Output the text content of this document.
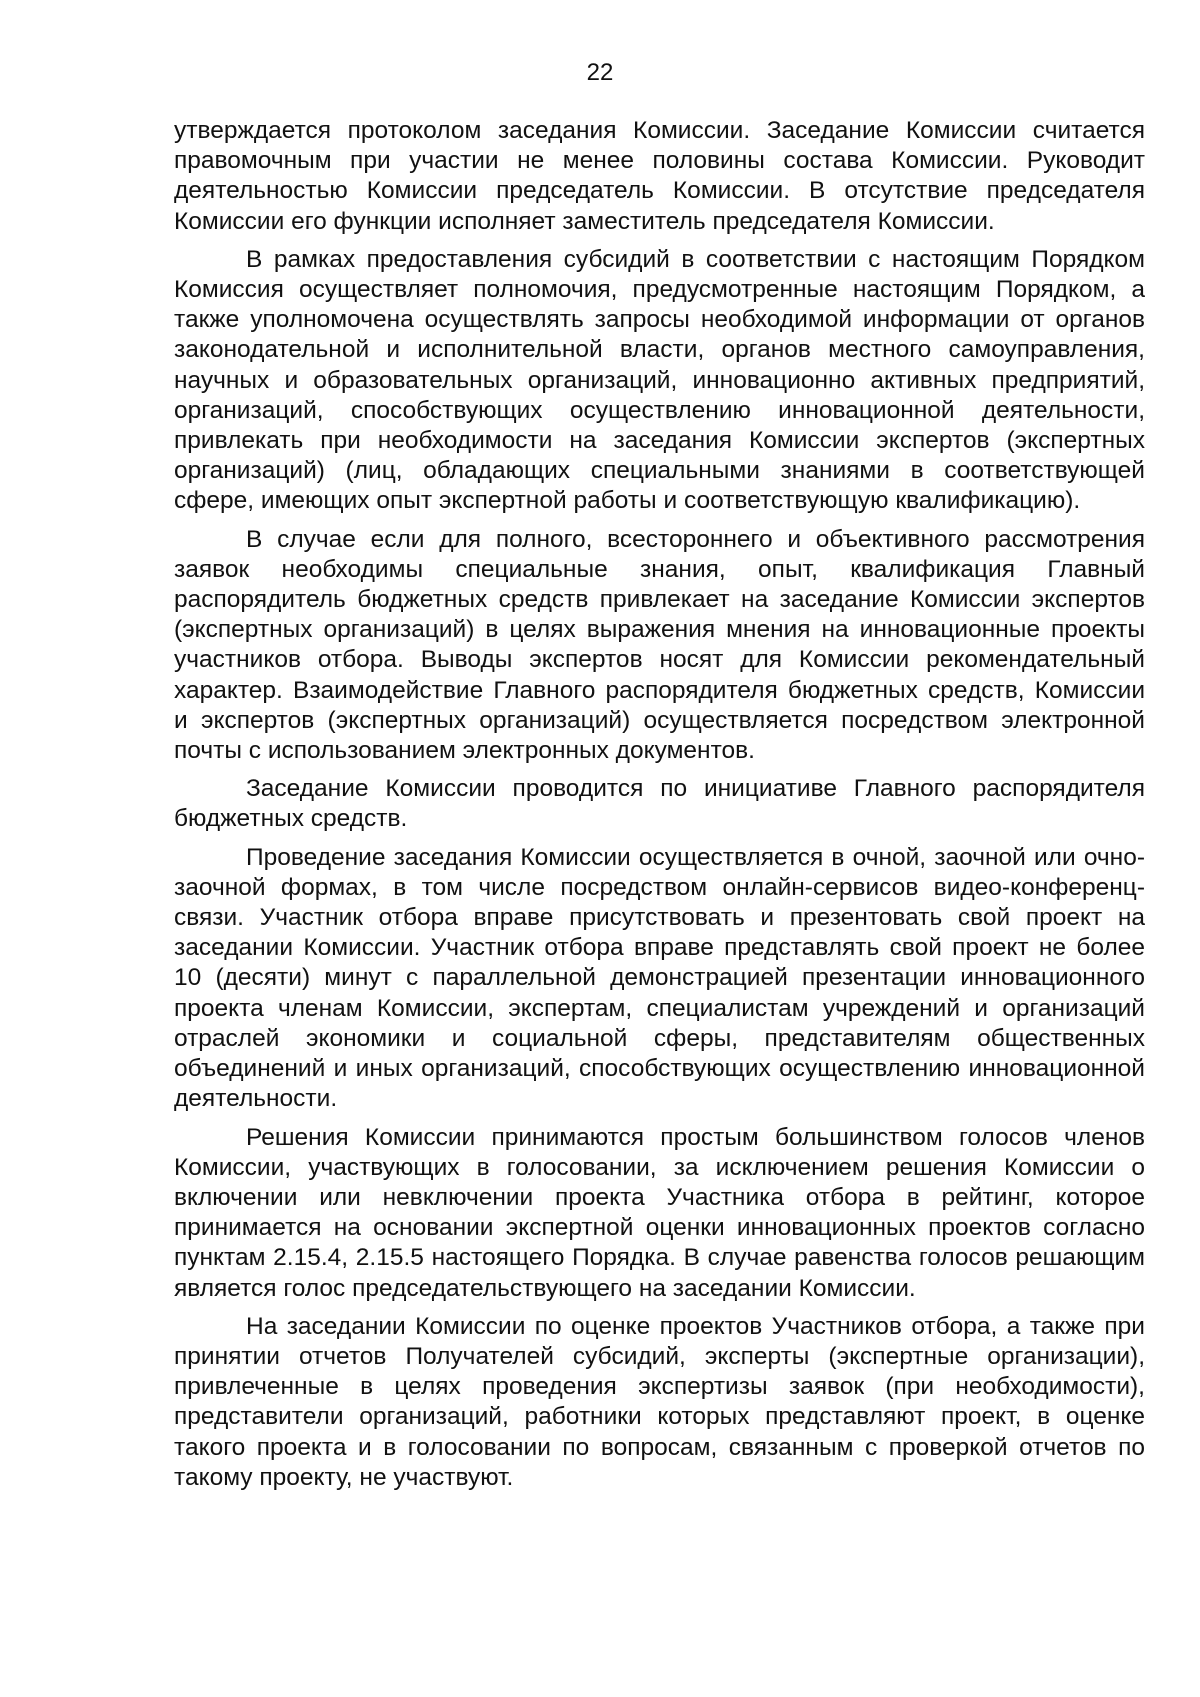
22

утверждается протоколом заседания Комиссии. Заседание Комиссии считается правомочным при участии не менее половины состава Комиссии. Руководит деятельностью Комиссии председатель Комиссии. В отсутствие председателя Комиссии его функции исполняет заместитель председателя Комиссии.

В рамках предоставления субсидий в соответствии с настоящим Порядком Комиссия осуществляет полномочия, предусмотренные настоящим Порядком, а также уполномочена осуществлять запросы необходимой информации от органов законодательной и исполнительной власти, органов местного самоуправления, научных и образовательных организаций, инновационно активных предприятий, организаций, способствующих осуществлению инновационной деятельности, привлекать при необходимости на заседания Комиссии экспертов (экспертных организаций) (лиц, обладающих специальными знаниями в соответствующей сфере, имеющих опыт экспертной работы и соответствующую квалификацию).

В случае если для полного, всестороннего и объективного рассмотрения заявок необходимы специальные знания, опыт, квалификация Главный распорядитель бюджетных средств привлекает на заседание Комиссии экспертов (экспертных организаций) в целях выражения мнения на инновационные проекты участников отбора. Выводы экспертов носят для Комиссии рекомендательный характер. Взаимодействие Главного распорядителя бюджетных средств, Комиссии и экспертов (экспертных организаций) осуществляется посредством электронной почты с использованием электронных документов.

Заседание Комиссии проводится по инициативе Главного распорядителя бюджетных средств.

Проведение заседания Комиссии осуществляется в очной, заочной или очно-заочной формах, в том числе посредством онлайн-сервисов видео-конференц-связи. Участник отбора вправе присутствовать и презентовать свой проект на заседании Комиссии. Участник отбора вправе представлять свой проект не более 10 (десяти) минут с параллельной демонстрацией презентации инновационного проекта членам Комиссии, экспертам, специалистам учреждений и организаций отраслей экономики и социальной сферы, представителям общественных объединений и иных организаций, способствующих осуществлению инновационной деятельности.

Решения Комиссии принимаются простым большинством голосов членов Комиссии, участвующих в голосовании, за исключением решения Комиссии о включении или невключении проекта Участника отбора в рейтинг, которое принимается на основании экспертной оценки инновационных проектов согласно пунктам 2.15.4, 2.15.5 настоящего Порядка. В случае равенства голосов решающим является голос председательствующего на заседании Комиссии.

На заседании Комиссии по оценке проектов Участников отбора, а также при принятии отчетов Получателей субсидий, эксперты (экспертные организации), привлеченные в целях проведения экспертизы заявок (при необходимости), представители организаций, работники которых представляют проект, в оценке такого проекта и в голосовании по вопросам, связанным с проверкой отчетов по такому проекту, не участвуют.
